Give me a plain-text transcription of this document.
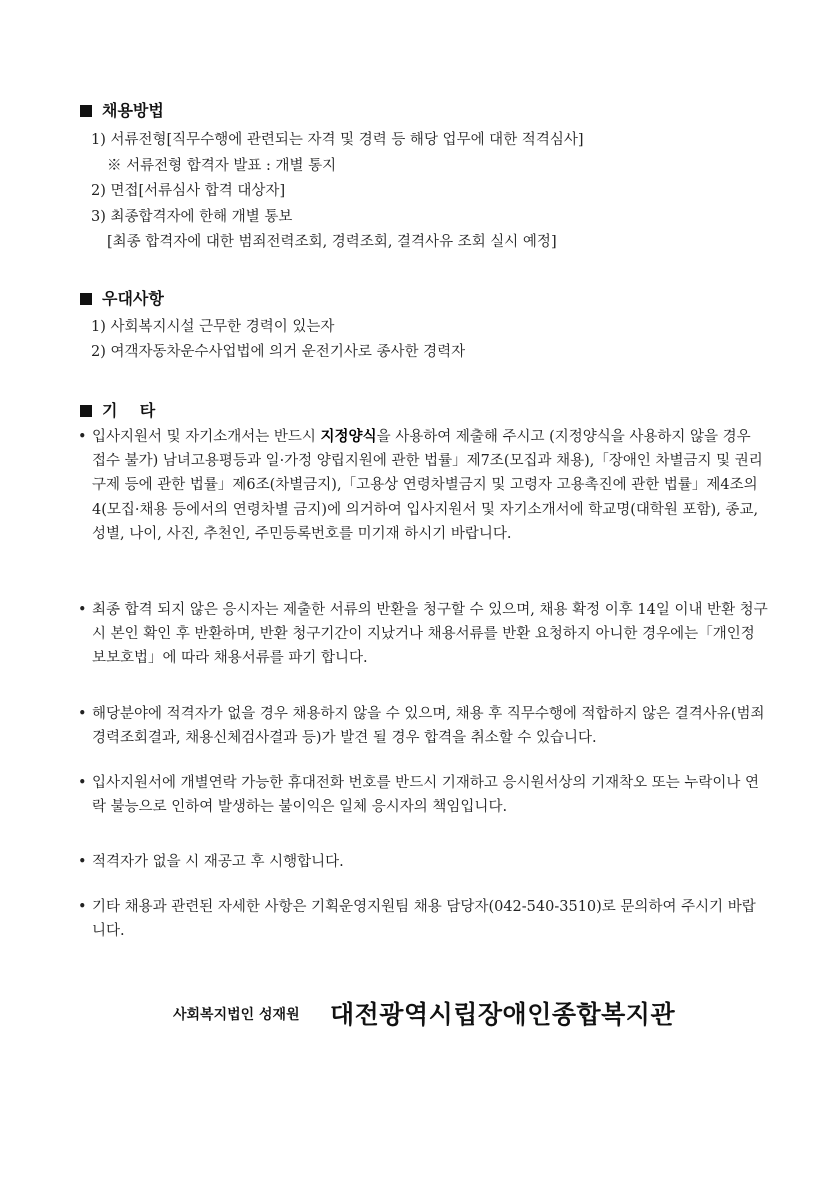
채용방법
1) 서류전형[직무수행에 관련되는 자격 및 경력 등 해당 업무에 대한 적격심사]
※ 서류전형 합격자 발표 : 개별 통지
2) 면접[서류심사 합격 대상자]
3) 최종합격자에 한해 개별 통보
[최종 합격자에 대한 범죄전력조회, 경력조회, 결격사유 조회 실시 예정]
우대사항
1) 사회복지시설 근무한 경력이 있는자
2) 여객자동차운수사업법에 의거 운전기사로 종사한 경력자
기    타
• 입사지원서 및 자기소개서는 반드시 지정양식을 사용하여 제출해 주시고 (지정양식을 사용하지 않을 경우 접수 불가) 남녀고용평등과 일·가정 양립지원에 관한 법률」제7조(모집과 채용),「장애인 차별금지 및 권리구제 등에 관한 법률」제6조(차별금지),「고용상 연령차별금지 및 고령자 고용촉진에 관한 법률」제4조의 4(모집·채용 등에서의 연령차별 금지)에 의거하여 입사지원서 및 자기소개서에 학교명(대학원 포함), 종교, 성별, 나이, 사진, 추천인, 주민등록번호를 미기재 하시기 바랍니다.
• 최종 합격 되지 않은 응시자는 제출한 서류의 반환을 청구할 수 있으며, 채용 확정 이후 14일 이내 반환 청구 시 본인 확인 후 반환하며, 반환 청구기간이 지났거나 채용서류를 반환 요청하지 아니한 경우에는「개인정보보호법」에 따라 채용서류를 파기 합니다.
• 해당분야에 적격자가 없을 경우 채용하지 않을 수 있으며, 채용 후 직무수행에 적합하지 않은 결격사유(범죄경력조회결과, 채용신체검사결과 등)가 발견 될 경우 합격을 취소할 수 있습니다.
• 입사지원서에 개별연락 가능한 휴대전화 번호를 반드시 기재하고 응시원서상의 기재착오 또는 누락이나 연락 불능으로 인하여 발생하는 불이익은 일체 응시자의 책임입니다.
• 적격자가 없을 시 재공고 후 시행합니다.
• 기타 채용과 관련된 자세한 사항은 기획운영지원팀 채용 담당자(042-540-3510)로 문의하여 주시기 바랍니다.
사회복지법인 성재원 대전광역시립장애인종합복지관
